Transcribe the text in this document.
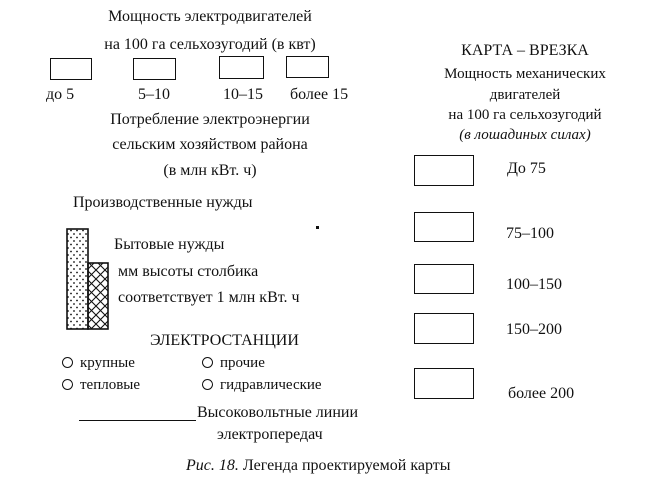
Мощность электродвигателей
на 100 га сельхозугодий (в квт)
до 5	5–10	10–15 более 15
Потребление электроэнергии
сельским хозяйством района
(в млн кВт. ч)
Производственные нужды
Бытовые нужды
мм высоты столбика
соответствует 1 млн кВт. ч
ЭЛЕКТРОСТАНЦИИ
крупные	прочие
тепловые	гидравлические
Высоковольтные линии
электропередач
КАРТА – ВРЕЗКА
Мощность механических
двигателей
на 100 га сельхозугодий
(в лошадиных силах)
До 75
75–100
100–150
150–200
более 200
Рис. 18. Легенда проектируемой карты
